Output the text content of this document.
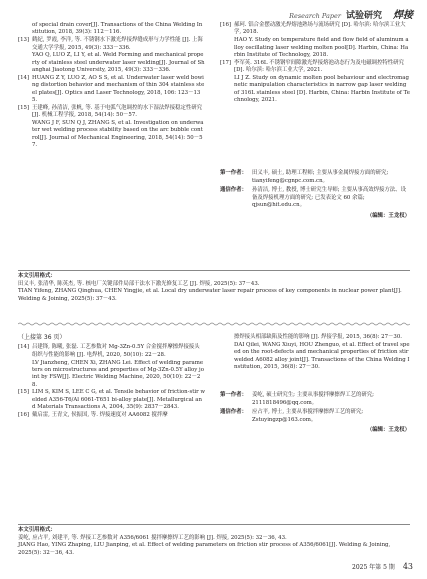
Research Paper 试验研究 焊接
of special drain cover[J]. Transactions of the China Welding Institution, 2018, 39(3): 112－116.
[13] 鹤紀, 罗霞, 李洋, 等. 不锈钢水下激光焊接焊缝成形与力学性能 [J]. 上海交通大学学报, 2015, 49(3): 333－336.
YAO Q, LUO Z, LI Y, et al. Weld Forming and mechanical property of stainless steel underwater laser welding[J]. Journal of Shanghai Jiaotong University, 2015, 49(3): 333－336.
[14] HUANG Z Y, LUO Z, AO S S, et al. Underwater laser weld bowing distortion behavior and mechanism of thin 304 stainless steel plates[J]. Optics and Laser Technology, 2018, 106: 123－135.
[15] 王建峰, 孙清洁, 张帆, 等. 基于电弧气泡调控的水下湿法焊接稳定性研究 [J]. 机械工程学报, 2018, 54(14): 50－57.
WANG J F, SUN Q J, ZHANG S, et al. Investigation on underwater wet welding process stability based on the arc bubble control[J]. Journal of Mechanical Engineering, 2018, 54(14): 50－57.
[16] 郝珂. 铝合金摆动激光焊熔池熟场与流场研究 [D]. 哈尔滨: 哈尔滨工业大学, 2018.
HAO Y. Study on temperature field and flow field of aluminum alloy oscillating laser welding molten pool[D]. Harbin, China: Harbin Institute of Technology, 2018.
[17] 李军英. 316L 不锈钢窄间隙激光焊接熔池动态行为及电磁调控特性研究 [D]. 哈尔滨: 哈尔滨工业大学, 2021.
LI J Z. Study on dynamic molten pool behaviour and electromagnetic manipulation characteristics in narrow gap laser welding of 316L stainless steel [D]. Harbin, China: Harbin Institute of Technology, 2021.
第一作者： 田义丰, 硕士, 助理工程师; 主要从事金属焊接方面的研究; tianyifeng@cgnpc.com.cn。
通信作者： 孙清洁, 博士, 教授, 博士研究生导师; 主要从事高效焊接方法、设备及焊接机理方面的研究; 已发表论文 60 余篇; qjsun@hit.edu.cn。
（编辑：王龙权）
本文引用格式：
田义丰, 张清华, 陈英杰, 等. 核电厂关键部件局部干法水下激光修复工艺 [J]. 焊接, 2025(5): 37－43.
TIAN Yifeng, ZHANG Qinghua, CHEN Yingjie, et al. Local dry underwater laser repair process of key components in nuclear power plant[J]. Welding & Joining, 2025(5): 37－43.
（上接第 36 页）
[14] 吕建锋, 陈曦, 张磊. 工艺参数对 Mg-3Zn-0.5Y 合金搅拌摩擦焊接接头组织与性能的影响 [J]. 电焊机, 2020, 50(10): 22－28.
LV Jianzheng, CHEN Xi, ZHANG Lei. Effect of welding parameters on microstructures and properties of Mg-3Zn-0.5Y alloy joint by FSW[J]. Electric Welding Machine, 2020, 50(10): 22－28.
[15] LIM S, KIM S, LEE C G, et al. Tensile behavior of friction-stir welded A356-T6/Al 6061-T651 bi-alloy plate[J]. Metallurgical and Materials Transactions A, 2004, 35(9): 2837－2843.
[16] 戴启雷, 王青文, 侯振国, 等. 焊接速度对 AA6082 搅拌摩
擦焊接头相部缺陷及性能的影响 [J]. 焊接学报, 2015, 36(8): 27－30.
DAI Qilei, WANG Xiuyi, HOU Zhenguo, et al. Effect of travel speed on the root-defects and mechanical properties of friction stir welded A6082 alloy joint[J]. Transactions of the China Welding Institution, 2015, 36(8): 27－30.
第一作者： 姜屹, 硕士研究生; 主要从事搅拌摩擦焊工艺的研究; 2111818496@qq.com。
通信作者： 应占平, 博士, 主要从事搅拌摩擦焊工艺的研究; Zstuyingzp@163.com。
（编辑：王龙权）
本文引用格式：
姜屹, 应占平, 刘建平, 等. 焊接工艺参数对 A356/6061 搅拌摩擦焊工艺的影响 [J]. 焊接, 2025(5): 32－36, 43.
JIANG Hao, YING Zhaping, LIU Jianping, et al. Effect of welding parameters on friction stir process of A356/6061[J]. Welding & Joining, 2025(5): 32－36, 43.
2025 年第 5 期 43
